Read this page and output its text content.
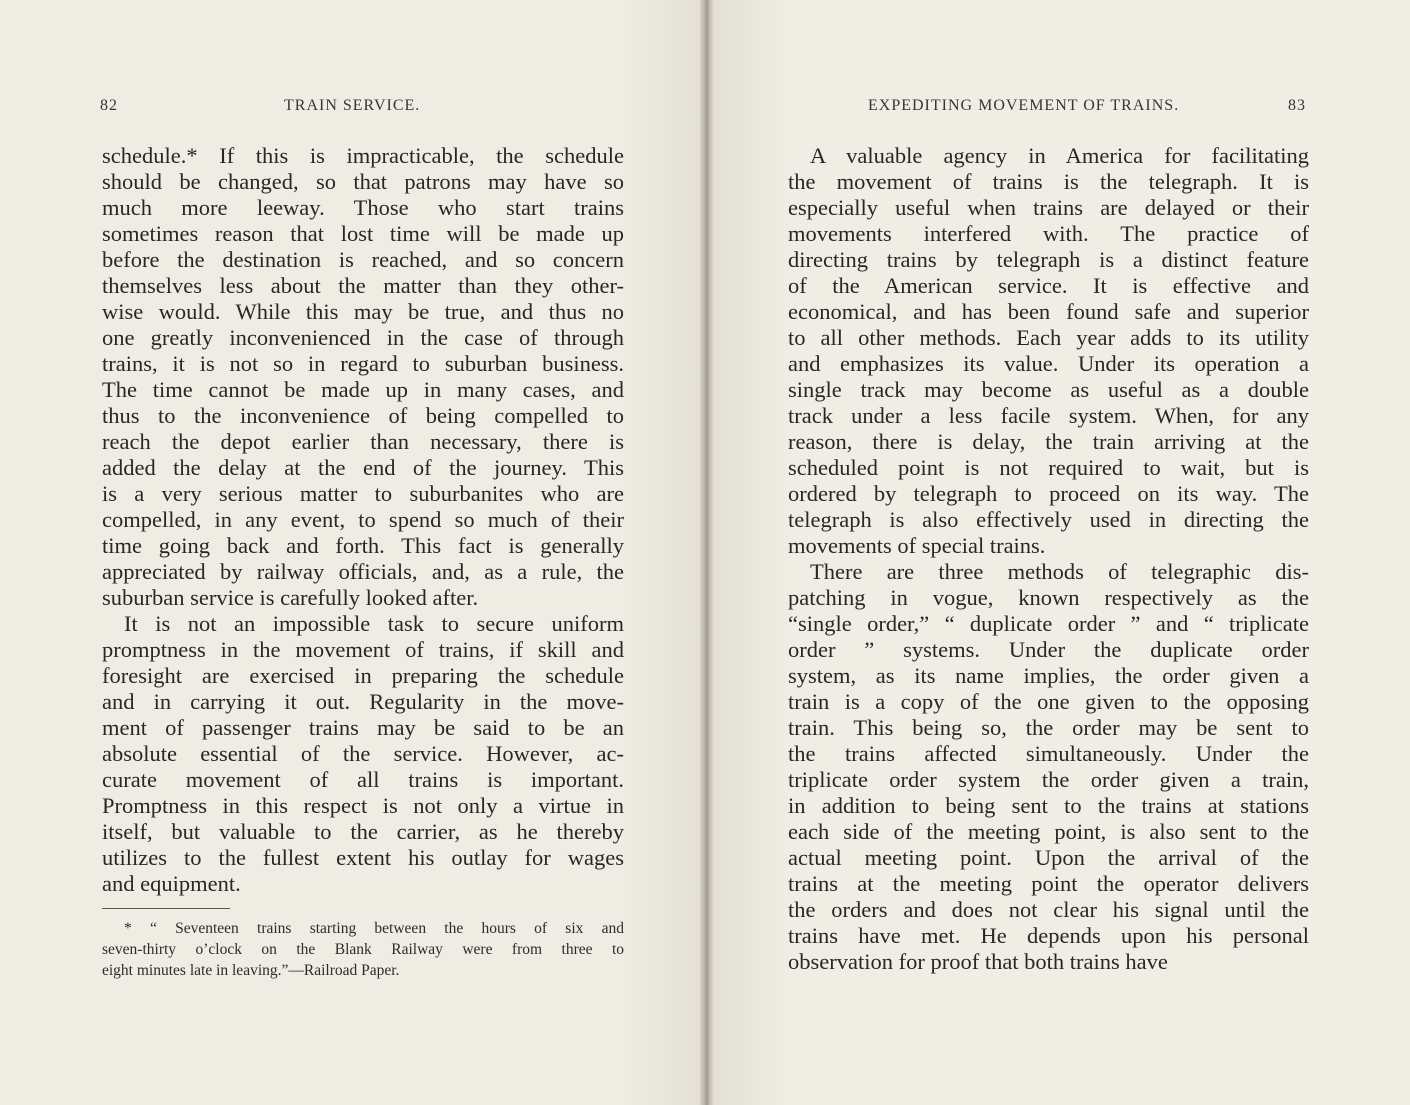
82	TRAIN SERVICE.
schedule.* If this is impracticable, the schedule
should be changed, so that patrons may have so
much more leeway. Those who start trains
sometimes reason that lost time will be made up
before the destination is reached, and so concern
themselves less about the matter than they other-
wise would. While this may be true, and thus no
one greatly inconvenienced in the case of through
trains, it is not so in regard to suburban business.
The time cannot be made up in many cases, and
thus to the inconvenience of being compelled to
reach the depot earlier than necessary, there is
added the delay at the end of the journey. This
is a very serious matter to suburbanites who are
compelled, in any event, to spend so much of their
time going back and forth. This fact is generally
appreciated by railway officials, and, as a rule, the
suburban service is carefully looked after.
It is not an impossible task to secure uniform
promptness in the movement of trains, if skill and
foresight are exercised in preparing the schedule
and in carrying it out. Regularity in the move-
ment of passenger trains may be said to be an
absolute essential of the service. However, ac-
curate movement of all trains is important.
Promptness in this respect is not only a virtue in
itself, but valuable to the carrier, as he thereby
utilizes to the fullest extent his outlay for wages
and equipment.
* “ Seventeen trains starting between the hours of six and
seven-thirty o’clock on the Blank Railway were from three to
eight minutes late in leaving.”—Railroad Paper.
EXPEDITING MOVEMENT OF TRAINS.	83
A valuable agency in America for facilitating
the movement of trains is the telegraph. It is
especially useful when trains are delayed or their
movements interfered with. The practice of
directing trains by telegraph is a distinct feature
of the American service. It is effective and
economical, and has been found safe and superior
to all other methods. Each year adds to its utility
and emphasizes its value. Under its operation a
single track may become as useful as a double
track under a less facile system. When, for any
reason, there is delay, the train arriving at the
scheduled point is not required to wait, but is
ordered by telegraph to proceed on its way. The
telegraph is also effectively used in directing the
movements of special trains.
There are three methods of telegraphic dis-
patching in vogue, known respectively as the
“single order,” “ duplicate order ” and “ triplicate
order ” systems. Under the duplicate order
system, as its name implies, the order given a
train is a copy of the one given to the opposing
train. This being so, the order may be sent to
the trains affected simultaneously. Under the
triplicate order system the order given a train,
in addition to being sent to the trains at stations
each side of the meeting point, is also sent to the
actual meeting point. Upon the arrival of the
trains at the meeting point the operator delivers
the orders and does not clear his signal until the
trains have met. He depends upon his personal
observation for proof that both trains have
